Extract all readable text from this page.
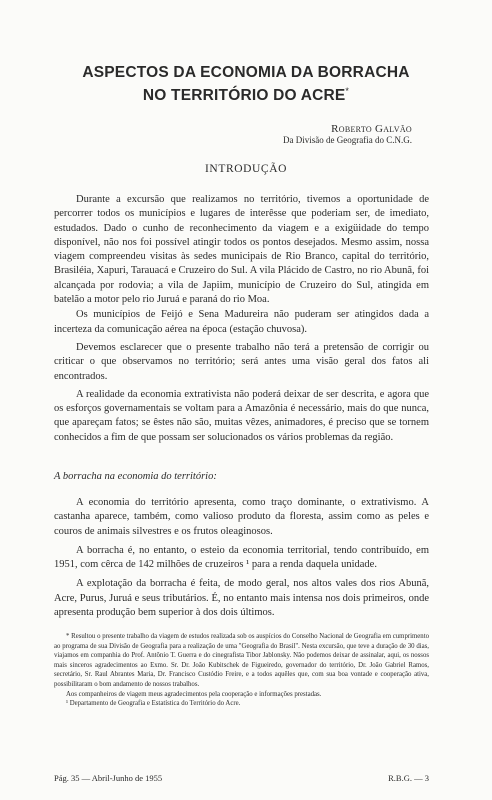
ASPECTOS DA ECONOMIA DA BORRACHA
NO TERRITÓRIO DO ACRE*
Roberto Galvão
Da Divisão de Geografia do C.N.G.
INTRODUÇÃO

Durante a excursão que realizamos no território, tivemos a oportunidade de percorrer todos os municípios e lugares de interêsse que poderiam ser, de imediato, estudados. Dado o cunho de reconhecimento da viagem e a exigüidade do tempo disponível, não nos foi possível atingir todos os pontos desejados. Mesmo assim, nossa viagem compreendeu visitas às sedes municipais de Rio Branco, capital do território, Brasiléia, Xapuri, Tarauacá e Cruzeiro do Sul. A vila Plácido de Castro, no rio Abunã, foi alcançada por rodovia; a vila de Japiim, município de Cruzeiro do Sul, atingida em batelão a motor pelo rio Juruá e paraná do rio Moa.

Os municípios de Feijó e Sena Madureira não puderam ser atingidos dada a incerteza da comunicação aérea na época (estação chuvosa).

Devemos esclarecer que o presente trabalho não terá a pretensão de corrigir ou criticar o que observamos no território; será antes uma visão geral dos fatos ali encontrados.

A realidade da economia extrativista não poderá deixar de ser descrita, e agora que os esforços governamentais se voltam para a Amazônia é necessário, mais do que nunca, que apareçam fatos; se êstes não são, muitas vêzes, animadores, é preciso que se tornem conhecidos a fim de que possam ser solucionados os vários problemas da região.

A borracha na economia do território:

A economia do território apresenta, como traço dominante, o extrativismo. A castanha aparece, também, como valioso produto da floresta, assim como as peles e couros de animais silvestres e os frutos oleaginosos.

A borracha é, no entanto, o esteio da economia territorial, tendo contribuído, em 1951, com cêrca de 142 milhões de cruzeiros ¹ para a renda daquela unidade.

A explotação da borracha é feita, de modo geral, nos altos vales dos rios Abunã, Acre, Purus, Juruá e seus tributários. É, no entanto mais intensa nos dois primeiros, onde apresenta produção bem superior à dos dois últimos.

* Resultou o presente trabalho da viagem de estudos realizada sob os auspícios do Conselho Nacional de Geografia em cumprimento ao programa de sua Divisão de Geografia para a realização de uma "Geografia do Brasil". Nesta excursão, que teve a duração de 30 dias, viajamos em companhia do Prof. Antônio T. Guerra e do cinegrafista Tibor Jablonsky. Não podemos deixar de assinalar, aqui, os nossos mais sinceros agradecimentos ao Exmo. Sr. Dr. João Kubitschek de Figueiredo, governador do território, Dr. João Gabriel Ramos, secretário, Sr. Raul Abrantes Maria, Dr. Francisco Custódio Freire, e a todos aquêles que, com sua boa vontade e cooperação ativa, possibilitaram o bom andamento de nossos trabalhos.

Aos companheiros de viagem meus agradecimentos pela cooperação e informações prestadas.

¹ Departamento de Geografia e Estatística do Território do Acre.

Pág. 35 — Abril-Junho de 1955	R.B.G. — 3
